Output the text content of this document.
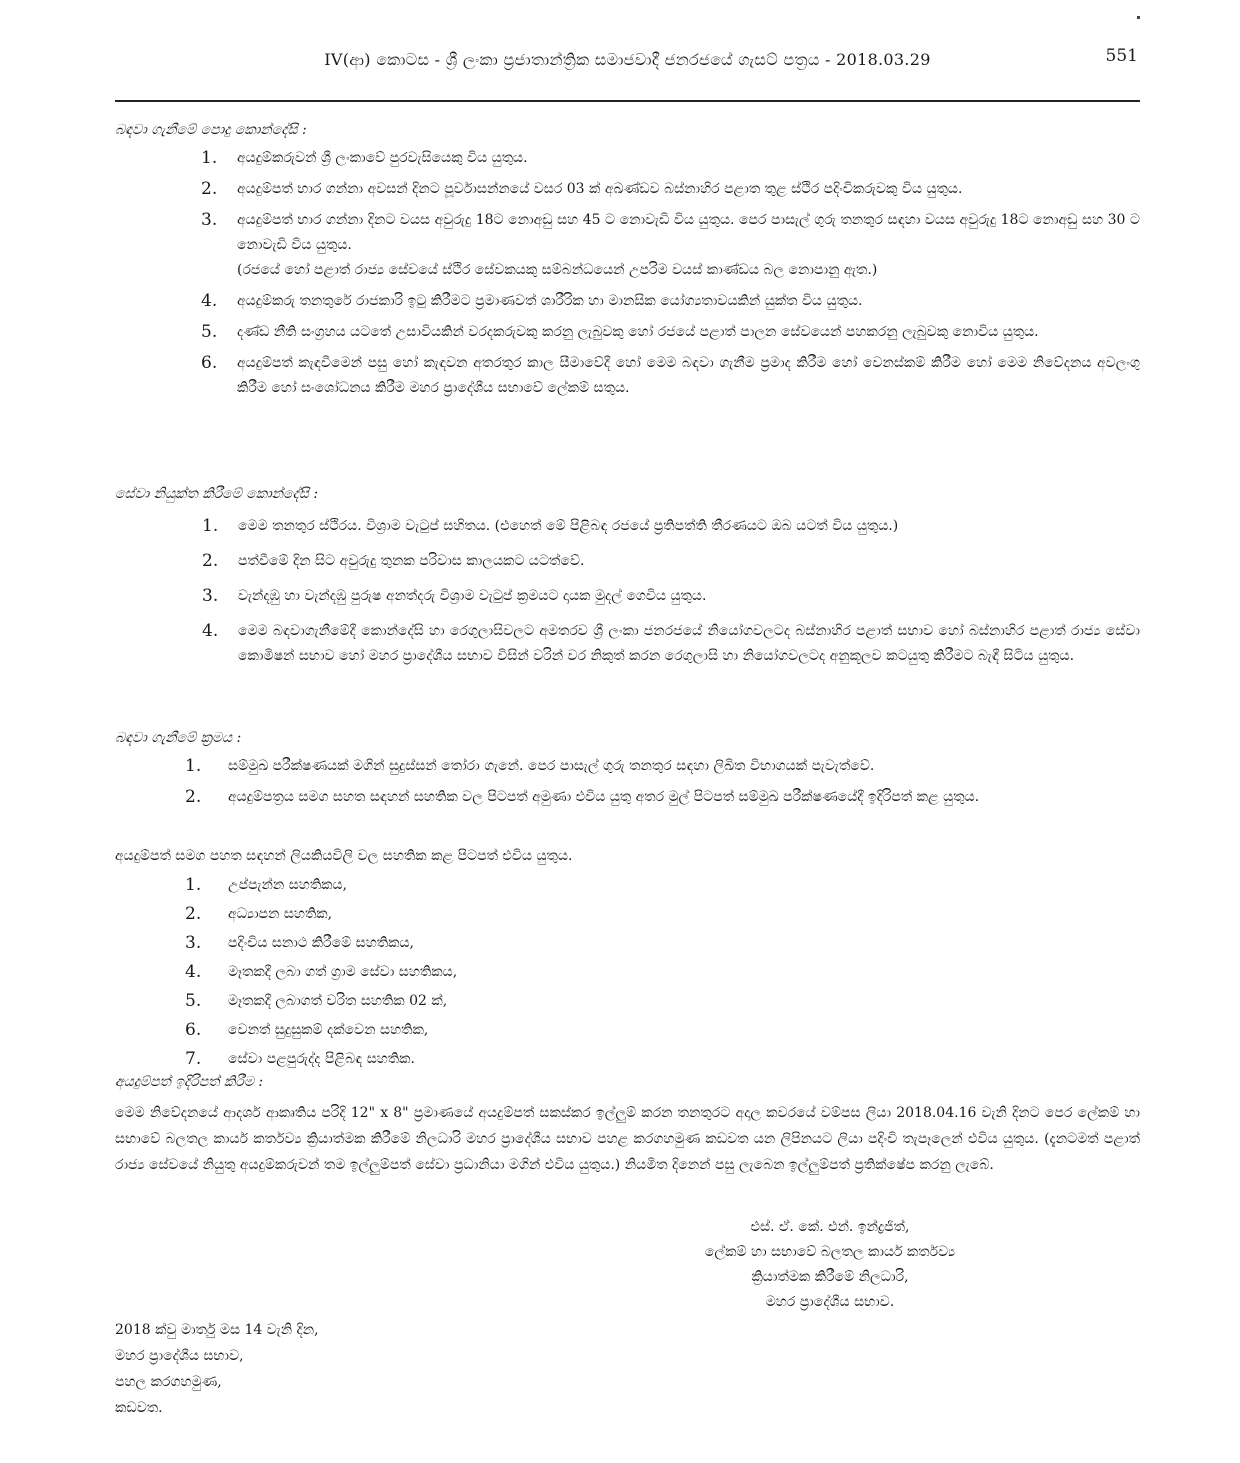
IV(ආ) කොටස - ශ්‍රී ලංකා ප්‍රජාතාන්ත්‍රික සමාජවාදී ජනරජයේ ගැසට් පත්‍රය - 2018.03.29	551

බඳවා ගැනීමේ පොදු කොන්දේසි :

1. අයදුම්කරුවන් ශ්‍රී ලංකාවේ පුරවැසියෙකු විය යුතුය.
2. අයදුම්පත් භාර ගන්නා අවසන් දිනට පූර්වාසන්නයේ වසර 03 ක් අඛණ්ඩව බස්නාහිර පළාත තුළ ස්ථිර පදිංචිකරුවකු විය යුතුය.
3. අයදුම්පත් භාර ගන්නා දිනට වයස අවුරුදු 18ට නොඅඩු සහ 45 ට නොවැඩි විය යුතුය. පෙර පාසැල් ගුරු තනතුර සඳහා වයස අවුරුදු 18ට නොඅඩු සහ 30 ට නොවැඩි විය යුතුය.
(රජයේ හෝ පළාත් රාජ්‍ය සේවයේ ස්ථිර සේවකයකු සම්බන්ධයෙන් උපරිම වයස් කාණ්ඩය බල නොපානු ඇත.)
4. අයදුම්කරු තනතුරේ රාජකාරි ඉටු කිරීමට ප්‍රමාණවත් ශාරීරික හා මානසික යෝග්‍යතාවයකින් යුක්ත විය යුතුය.
5. දණ්ඩ නීති සංග්‍රහය යටතේ උසාවියකින් වරදකරුවකු කරනු ලැබුවකු හෝ රජයේ පළාත් පාලන සේවයෙන් පහකරනු ලැබුවකු නොවිය යුතුය.
6. අයදුම්පත් කැඳවීමෙන් පසු හෝ කැඳවන අතරතුර කාල සීමාවේදී හෝ මෙම බඳවා ගැනීම ප්‍රමාද කිරීම හෝ වෙනස්කම් කිරීම හෝ මෙම නිවේදනය අවලංගු කිරීම හෝ සංශෝධනය කිරීම මහර ප්‍රාදේශීය සභාවේ ලේකම් සතුය.

සේවා නියුක්ත කිරීමේ කොන්දේසි :

1. මෙම තනතුර ස්ථිරය. විශ්‍රාම වැටුප් සහිතය. (එහෙත් මේ පිළිබඳ රජයේ ප්‍රතිපත්ති තීරණයට ඔබ යටත් විය යුතුය.)
2. පත්වීමේ දින සිට අවුරුදු තුනක පරිවාස කාලයකට යටත්වේ.
3. වැන්දඹු හා වැන්දඹු පුරුෂ අනත්දරු විශ්‍රාම වැටුප් ක්‍රමයට දායක මුදල් ගෙවිය යුතුය.
4. මෙම බඳවාගැනීමේදී කොන්දේසි හා රෙගුලාසිවලට අමතරව ශ්‍රී ලංකා ජනරජයේ නියෝගවලටද බස්නාහිර පළාත් සභාව හෝ බස්නාහිර පළාත් රාජ්‍ය සේවා කොමිෂන් සභාව හෝ මහර ප්‍රාදේශීය සභාව විසින් වරින් වර නිකුත් කරන රෙගුලාසි හා නියෝගවලටද අනුකූලව කටයුතු කිරීමට බැඳී සිටිය යුතුය.

බඳවා ගැනීමේ ක්‍රමය :

1. සම්මුඛ පරීක්ෂණයක් මගින් සුදුස්සන් තෝරා ගැනේ. පෙර පාසැල් ගුරු තනතුර සඳහා ලිඛිත විභාගයක් පැවැත්වේ.
2. අයදුම්පත්‍රය සමග සහත සඳහන් සහතික වල පිටපත් අමුණා එවිය යුතු අතර මුල් පිටපත් සම්මුඛ පරීක්ෂණයේදී ඉදිරිපත් කළ යුතුය.
අයදුම්පත් සමග පහත සඳහන් ලියකියවිලි වල සහතික කළ පිටපත් එවිය යුතුය.
1. උප්පැන්න සහතිකය,
2. අධ්‍යාපන සහතික,
3. පදිංචිය සනාථ කිරීමේ සහතිකය,
4. මෑතකදී ලබා ගත් ග්‍රාම සේවා සහතිකය,
5. මෑතකදී ලබාගත් චරිත සහතික 02 ක්,
6. වෙනත් සුදුසුකම් දක්වෙන සහතික,
7. සේවා පළපුරුද්ද පිළිබඳ සහතික.

අයදුම්පත් ඉදිරිපත් කිරීම :

මෙම නිවේදනයේ ආදර්ශ ආකෘතිය පරිදි 12" x 8" ප්‍රමාණයේ අයදුම්පත් සකස්කර ඉල්ලුම් කරන තනතුරට අදාල කවරයේ වම්පස ලියා 2018.04.16 වැනි දිනට පෙර ලේකම් හා සභාවේ බලතල කාර්ය කර්තව්‍ය ක්‍රියාත්මක කිරීමේ නිලධාරි මහර ප්‍රාදේශීය සභාව පහළ කරගහමුණ කඩවත යන ලිපිනයට ලියා පදිංචි තැපෑලෙන් එවිය යුතුය. (දැනටමත් පළාත් රාජ්‍ය සේවයේ නියුතු අයදුම්කරුවන් තම ඉල්ලුම්පත් සේවා ප්‍රධානියා මගින් එවිය යුතුය.) නියමිත දිනෙන් පසු ලැබෙන ඉල්ලුම්පත් ප්‍රතික්ෂේප කරනු ලැබේ.

එස්. ඒ. කේ. එන්. ඉන්ද්‍රජිත්,
ලේකම් හා සභාවේ බලතල කාර්ය කර්තව්‍ය
ක්‍රියාත්මක කිරීමේ නිලධාරි,
මහර ප්‍රාදේශීය සභාව.
2018 ක්වු මාර්තු මස 14 වැනි දින,
මහර ප්‍රාදේශීය සභාව,
පහල කරගහමුණ,
කඩවත.
